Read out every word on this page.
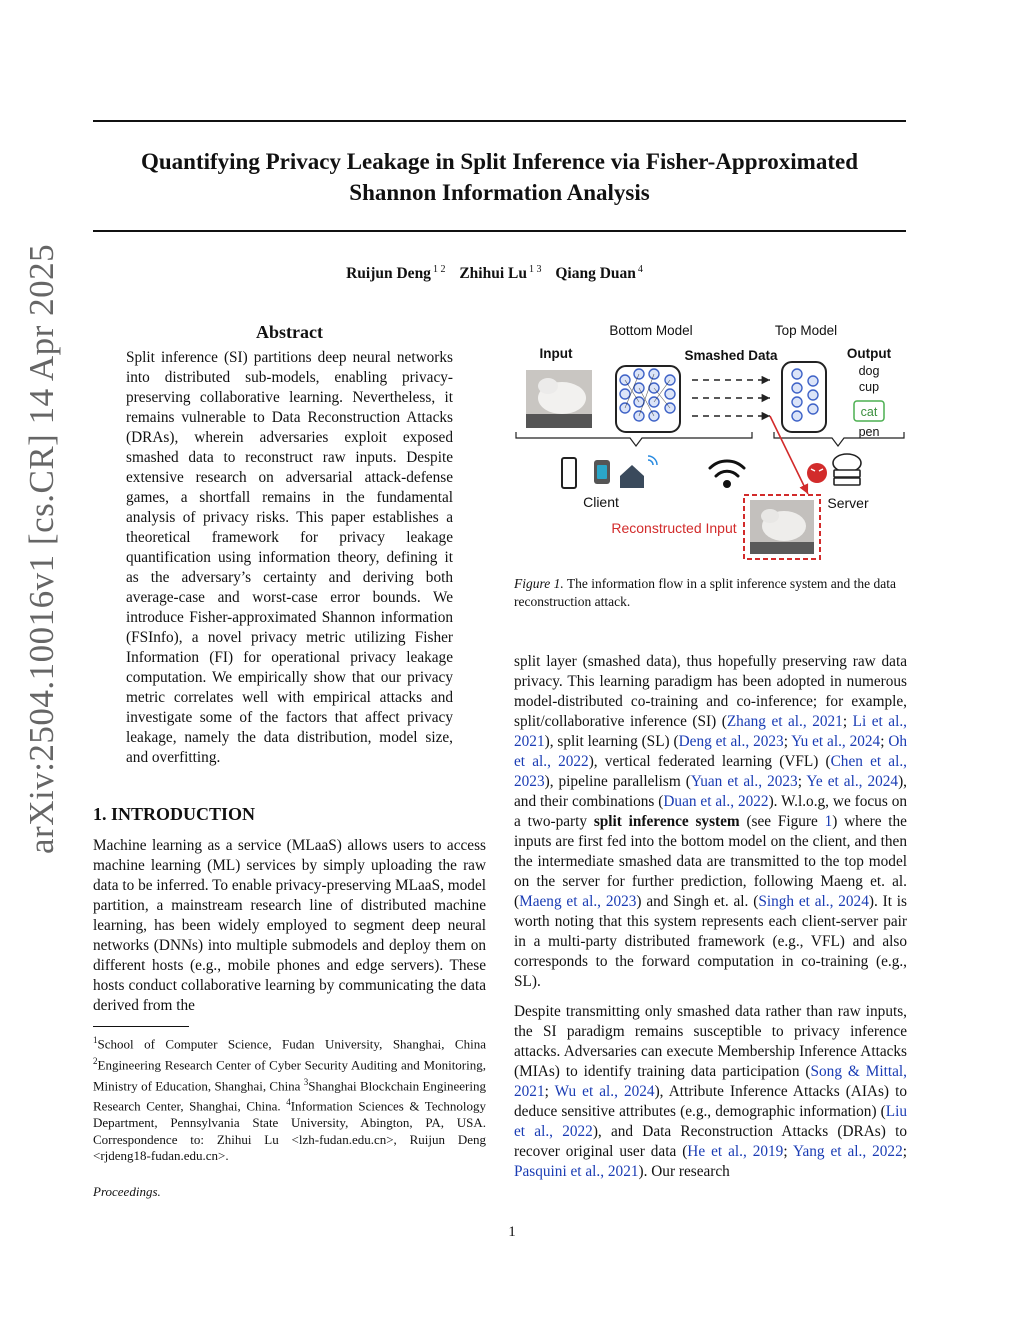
Quantifying Privacy Leakage in Split Inference via Fisher-Approximated
Shannon Information Analysis
Ruijun Deng $^{1 2}$ Zhihui Lu $^{1 3}$ Qiang Duan $^4$
arXiv:2504.10016v1 [cs.CR] 14 Apr 2025	Abstract

Split inference (SI) partitions deep neural networks into distributed sub-models, enabling privacy-preserving collaborative learning. Nevertheless, it remains vulnerable to Data Reconstruction Attacks (DRAs), wherein adversaries exploit exposed smashed data to reconstruct raw inputs. Despite extensive research on adversarial attack-defense games, a shortfall remains in the fundamental analysis of privacy risks. This paper establishes a theoretical framework for privacy leakage quantification using information theory, defining it as the adversary’s certainty and deriving both average-case and worst-case error bounds. We introduce Fisher-approximated Shannon information (FSInfo), a novel privacy metric utilizing Fisher Information (FI) for operational privacy leakage computation. We empirically show that our privacy metric correlates well with empirical attacks and investigate some of the factors that affect privacy leakage, namely the data distribution, model size, and overfitting.

1. INTRODUCTION

Machine learning as a service (MLaaS) allows users to access machine learning (ML) services by simply uploading the raw data to be inferred. To enable privacy-preserving MLaaS, model partition, a mainstream research line of distributed machine learning, has been widely employed to segment deep neural networks (DNNs) into multiple submodels and deploy them on different hosts (e.g., mobile phones and edge servers). These hosts conduct collaborative learning by communicating the data derived from the

$^1$School of Computer Science, Fudan University, Shanghai, China $^2$Engineering Research Center of Cyber Security Auditing and Monitoring, Ministry of Education, Shanghai, China $^3$Shanghai Blockchain Engineering Research Center, Shanghai, China. $^4$Information Sciences & Technology Department, Pennsylvania State University, Abington, PA, USA. Correspondence to: Zhihui Lu <lzh-fudan.edu.cn>, Ruijun Deng <rjdeng18-fudan.edu.cn>.
Proceedings.
Bottom Model	Top Model
Input	Smashed Data	Output
dog
cup
cat
pen
Client	Server
Reconstructed Input
Figure 1. The information flow in a split inference system and the data reconstruction attack.

split layer (smashed data), thus hopefully preserving raw data privacy. This learning paradigm has been adopted in numerous model-distributed co-training and co-inference; for example, split/collaborative inference (SI) (Zhang et al., 2021; Li et al., 2021), split learning (SL) (Deng et al., 2023; Yu et al., 2024; Oh et al., 2022), vertical federated learning (VFL) (Chen et al., 2023), pipeline parallelism (Yuan et al., 2023; Ye et al., 2024), and their combinations (Duan et al., 2022). W.l.o.g, we focus on a two-party split inference system (see Figure 1) where the inputs are first fed into the bottom model on the client, and then the intermediate smashed data are transmitted to the top model on the server for further prediction, following Maeng et. al. (Maeng et al., 2023) and Singh et. al. (Singh et al., 2024). It is worth noting that this system represents each client-server pair in a multi-party distributed framework (e.g., VFL) and also corresponds to the forward computation in co-training (e.g., SL).

Despite transmitting only smashed data rather than raw inputs, the SI paradigm remains susceptible to privacy inference attacks. Adversaries can execute Membership Inference Attacks (MIAs) to identify training data participation (Song & Mittal, 2021; Wu et al., 2024), Attribute Inference Attacks (AIAs) to deduce sensitive attributes (e.g., demographic information) (Liu et al., 2022), and Data Reconstruction Attacks (DRAs) to recover original user data (He et al., 2019; Yang et al., 2022; Pasquini et al., 2021). Our research

1
